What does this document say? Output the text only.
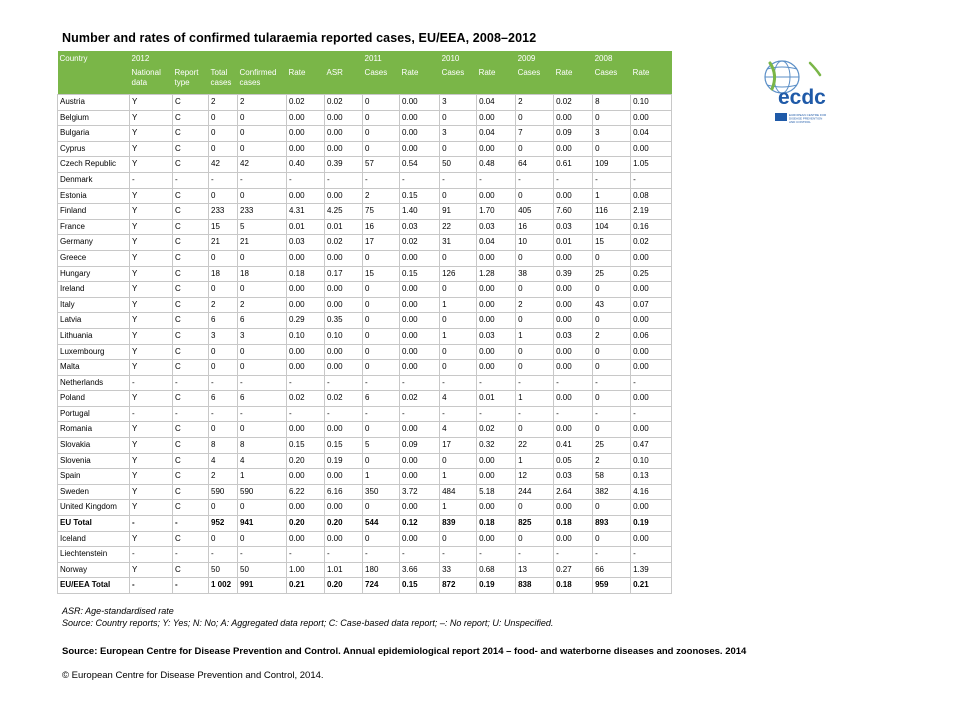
Number and rates of confirmed tularaemia reported cases, EU/EEA, 2008–2012
Country	2012						2011		2010		2009		2008	
	National data	Report type	Total cases	Confirmed cases	Rate	ASR	Cases	Rate	Cases	Rate	Cases	Rate	Cases	Rate
Austria	Y	C	2	2	0.02	0.02	0	0.00	3	0.04	2	0.02	8	0.10
Belgium	Y	C	0	0	0.00	0.00	0	0.00	0	0.00	0	0.00	0	0.00
Bulgaria	Y	C	0	0	0.00	0.00	0	0.00	3	0.04	7	0.09	3	0.04
Cyprus	Y	C	0	0	0.00	0.00	0	0.00	0	0.00	0	0.00	0	0.00
Czech Republic	Y	C	42	42	0.40	0.39	57	0.54	50	0.48	64	0.61	109	1.05
Denmark	-	-	-	-	-	-	-	-	-	-	-	-	-	-
Estonia	Y	C	0	0	0.00	0.00	2	0.15	0	0.00	0	0.00	1	0.08
Finland	Y	C	233	233	4.31	4.25	75	1.40	91	1.70	405	7.60	116	2.19
France	Y	C	15	5	0.01	0.01	16	0.03	22	0.03	16	0.03	104	0.16
Germany	Y	C	21	21	0.03	0.02	17	0.02	31	0.04	10	0.01	15	0.02
Greece	Y	C	0	0	0.00	0.00	0	0.00	0	0.00	0	0.00	0	0.00
Hungary	Y	C	18	18	0.18	0.17	15	0.15	126	1.28	38	0.39	25	0.25
Ireland	Y	C	0	0	0.00	0.00	0	0.00	0	0.00	0	0.00	0	0.00
Italy	Y	C	2	2	0.00	0.00	0	0.00	1	0.00	2	0.00	43	0.07
Latvia	Y	C	6	6	0.29	0.35	0	0.00	0	0.00	0	0.00	0	0.00
Lithuania	Y	C	3	3	0.10	0.10	0	0.00	1	0.03	1	0.03	2	0.06
Luxembourg	Y	C	0	0	0.00	0.00	0	0.00	0	0.00	0	0.00	0	0.00
Malta	Y	C	0	0	0.00	0.00	0	0.00	0	0.00	0	0.00	0	0.00
Netherlands	-	-	-	-	-	-	-	-	-	-	-	-	-	-
Poland	Y	C	6	6	0.02	0.02	6	0.02	4	0.01	1	0.00	0	0.00
Portugal	-	-	-	-	-	-	-	-	-	-	-	-	-	-
Romania	Y	C	0	0	0.00	0.00	0	0.00	4	0.02	0	0.00	0	0.00
Slovakia	Y	C	8	8	0.15	0.15	5	0.09	17	0.32	22	0.41	25	0.47
Slovenia	Y	C	4	4	0.20	0.19	0	0.00	0	0.00	1	0.05	2	0.10
Spain	Y	C	2	1	0.00	0.00	1	0.00	1	0.00	12	0.03	58	0.13
Sweden	Y	C	590	590	6.22	6.16	350	3.72	484	5.18	244	2.64	382	4.16
United Kingdom	Y	C	0	0	0.00	0.00	0	0.00	1	0.00	0	0.00	0	0.00
EU Total	-	-	952	941	0.20	0.20	544	0.12	839	0.18	825	0.18	893	0.19
Iceland	Y	C	0	0	0.00	0.00	0	0.00	0	0.00	0	0.00	0	0.00
Liechtenstein	-	-	-	-	-	-	-	-	-	-	-	-	-	-
Norway	Y	C	50	50	1.00	1.01	180	3.66	33	0.68	13	0.27	66	1.39
EU/EEA Total	-	-	1 002	991	0.21	0.20	724	0.15	872	0.19	838	0.18	959	0.21
ecdc
EUROPEAN CENTRE FOR DISEASE PREVENTION AND CONTROL
ASR: Age-standardised rate
Source: Country reports; Y: Yes; N: No; A: Aggregated data report; C: Case-based data report; –: No report; U: Unspecified.
Source: European Centre for Disease Prevention and Control. Annual epidemiological report 2014 – food- and waterborne diseases and zoonoses. 2014
© European Centre for Disease Prevention and Control, 2014.
